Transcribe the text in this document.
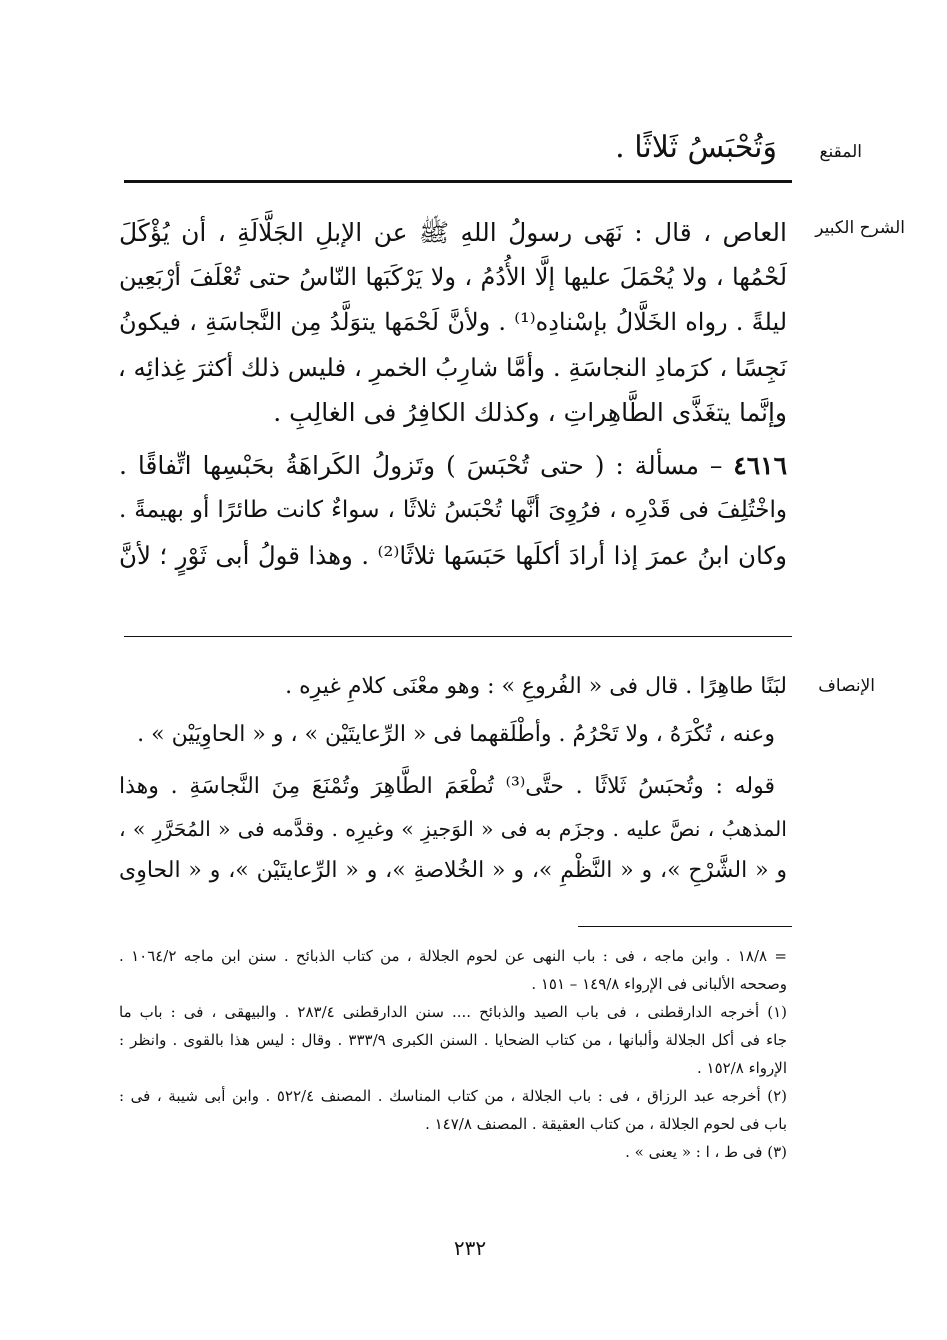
المقنع
وَتُحْبَسُ ثَلاثًا .
الشرح الكبير
العاص ، قال : نَهَى رسولُ اللهِ ﷺ عن الإبلِ الجَلَّالَةِ ، أن يُؤْكَلَ
لَحْمُها ، ولا يُحْمَلَ عليها إلَّا الأُدُمُ ، ولا يَرْكَبَها النّاسُ حتى تُعْلَفَ أرْبَعِين
ليلةً . رواه الخَلَّالُ بإسْنادِه⁽¹⁾ . ولأنَّ لَحْمَها يتوَلَّدُ مِن النَّجاسَةِ ، فيكونُ
نَجِسًا ، كرَمادِ النجاسَةِ . وأمَّا شارِبُ الخمرِ ، فليس ذلك أكثرَ غِذائِه ،
وإنَّما يتغَذَّى الطَّاهِراتِ ، وكذلك الكافِرُ فى الغالِبِ .
٤٦١٦ – مسألة : ( حتى تُحْبَسَ ) وتَزولُ الكَراهَةُ بحَبْسِها اتِّفاقًا .
واخْتُلِفَ فى قَدْرِه ، فرُوِىَ أنَّها تُحْبَسُ ثلاثًا ، سواءٌ كانت طائرًا أو بهيمةً .
وكان ابنُ عمرَ إذا أرادَ أكلَها حَبَسَها ثلاثًا⁽²⁾ . وهذا قولُ أبى ثَوْرٍ ؛ لأنَّ
الإنصاف
لبَنًا طاهِرًا . قال فى « الفُروعِ » : وهو معْنَى كلامِ غيرِه .
وعنه ، تُكْرَهُ ، ولا تَحْرُمُ . وأطْلَقهما فى « الرِّعايتَيْن » ، و « الحاوِيَيْن » .
قوله : وتُحبَسُ ثَلاثًا . حتَّى⁽³⁾ تُطْعَمَ الطَّاهِرَ وتُمْنَعَ مِنَ النَّجاسَةِ . وهذا
المذهبُ ، نصَّ عليه . وجزَم به فى « الوَجيزِ » وغيرِه . وقدَّمه فى « المُحَرَّرِ » ،
و « الشَّرْحِ »، و « النَّظْمِ »، و « الخُلاصةِ »، و « الرِّعايتَيْن »، و « الحاوِى

= ١٨/٨ . وابن ماجه ، فى : باب النهى عن لحوم الجلالة ، من كتاب الذبائح . سنن ابن ماجه ١٠٦٤/٢ .

وصححه الألبانى فى الإرواء ١٤٩/٨ – ١٥١ .

(١) أخرجه الدارقطنى ، فى باب الصيد والذبائح .... سنن الدارقطنى ٢٨٣/٤ . والبيهقى ، فى : باب ما

جاء فى أكل الجلالة وألبانها ، من كتاب الضحايا . السنن الكبرى ٣٣٣/٩ . وقال : ليس هذا بالقوى . وانظر :

الإرواء ١٥٢/٨ .

(٢) أخرجه عبد الرزاق ، فى : باب الجلالة ، من كتاب المناسك . المصنف ٥٢٢/٤ . وابن أبى شيبة ، فى :

باب فى لحوم الجلالة ، من كتاب العقيقة . المصنف ١٤٧/٨ .

(٣) فى ط ، ا : « يعنى » .

٢٣٢
